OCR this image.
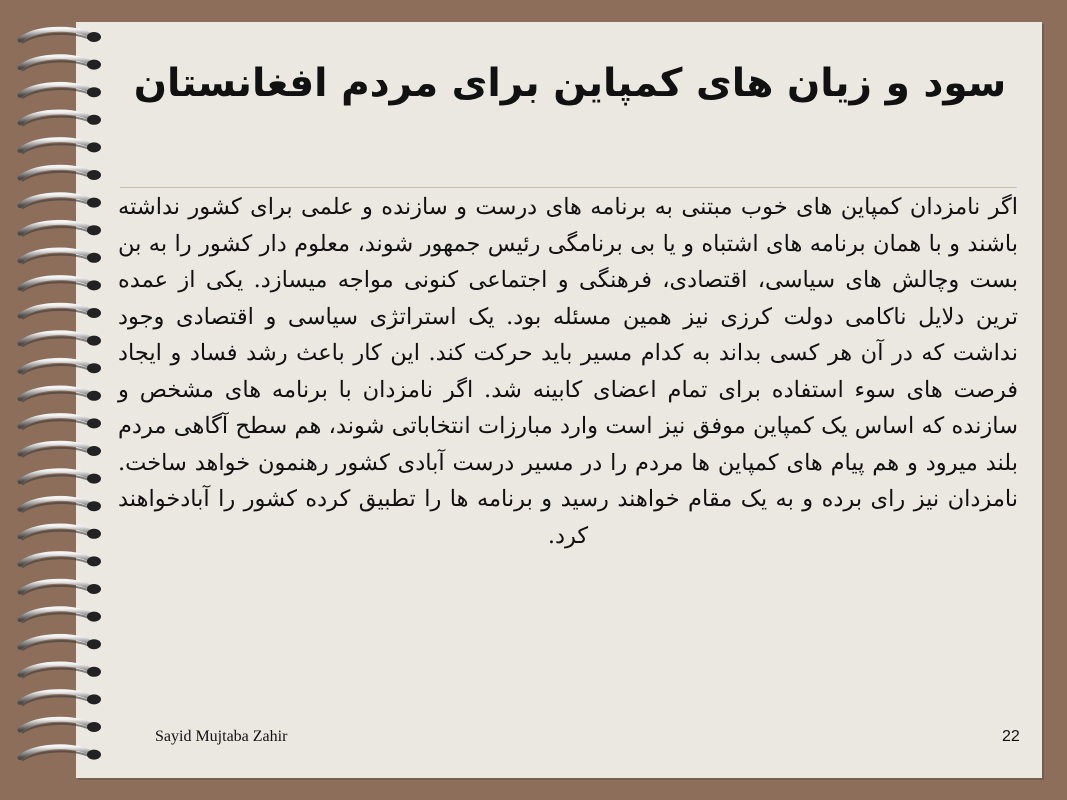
سود و زیان های کمپاین برای مردم افغانستان
اگر نامزدان کمپاین های خوب مبتنی به برنامه های درست و سازنده و علمی برای کشور نداشته باشند و با همان برنامه های اشتباه و یا بی برنامگی رئیس جمهور شوند، معلوم دار کشور را به بن بست وچالش های سیاسی، اقتصادی، فرهنگی و اجتماعی کنونی مواجه میسازد. یکی از عمده ترین دلایل ناکامی دولت کرزی نیز همین مسئله بود. یک استراتژی سیاسی و اقتصادی وجود نداشت که در آن هر کسی بداند به کدام مسیر باید حرکت کند. این کار باعث رشد فساد و ایجاد فرصت های سوء استفاده برای تمام اعضای کابینه شد. اگر نامزدان با برنامه های مشخص و سازنده که اساس یک کمپاین موفق نیز است وارد مبارزات انتخاباتی شوند، هم سطح آگاهی مردم بلند میرود و هم پیام های کمپاین ها مردم را در مسیر درست آبادی کشور رهنمون خواهد ساخت. نامزدان نیز رای برده و به یک مقام خواهند رسید و برنامه ها را تطبیق کرده کشور را آبادخواهند کرد.
Sayid Mujtaba Zahir	22
